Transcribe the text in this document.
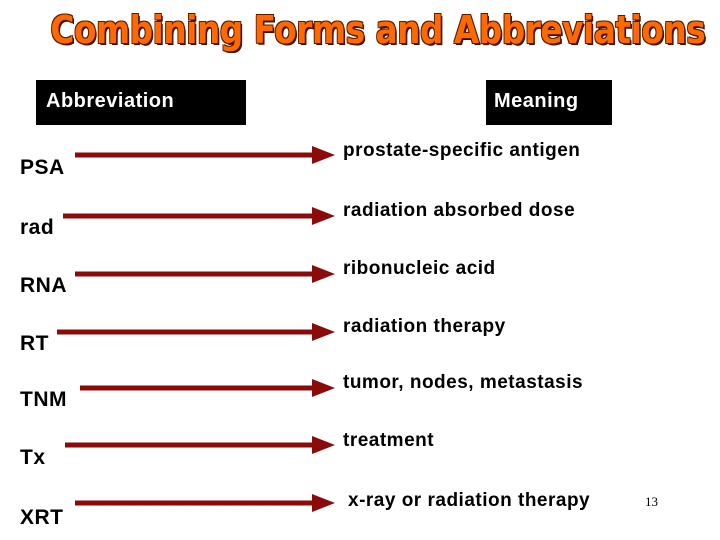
Combining Forms and Abbreviations
Abbreviation	Meaning
PSA
prostate-specific antigen
rad
radiation absorbed dose
RNA
ribonucleic acid
RT
radiation therapy
TNM
tumor, nodes, metastasis
Tx
treatment
XRT
x-ray or radiation therapy	13
